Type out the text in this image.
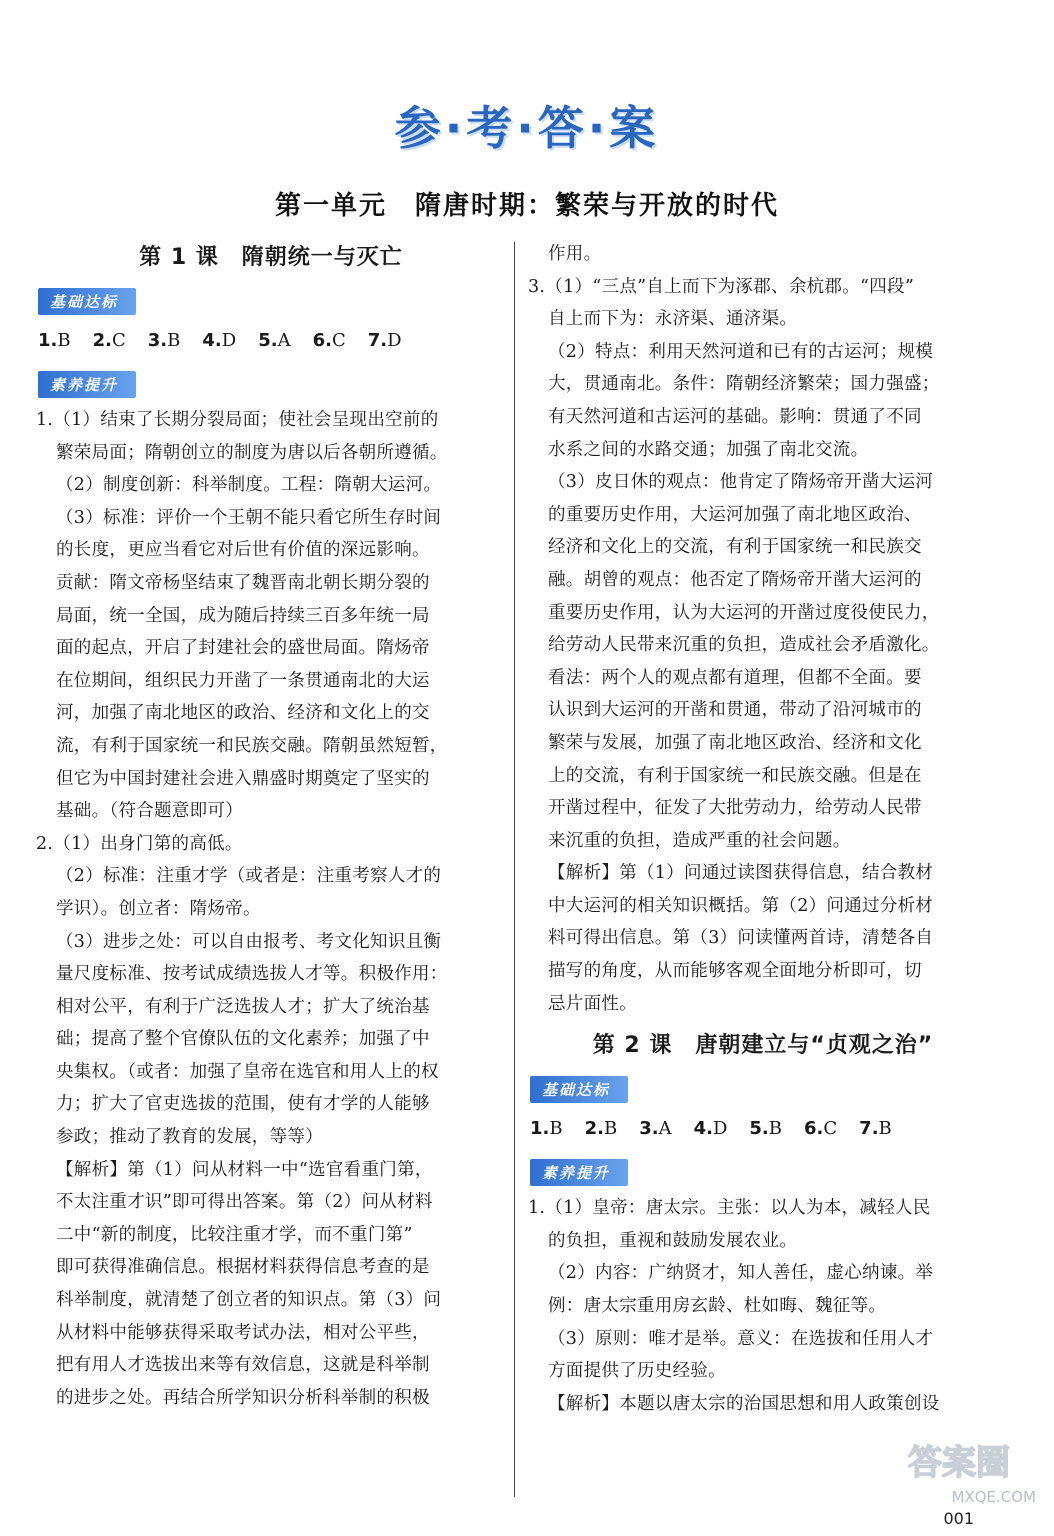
参·考·答·案
第一单元　隋唐时期：繁荣与开放的时代
第 1 课　隋朝统一与灭亡
基础达标
1.B 2.C 3.B 4.D 5.A 6.C 7.D
素养提升

1.（1）结束了长期分裂局面；使社会呈现出空前的

繁荣局面；隋朝创立的制度为唐以后各朝所遵循。

（2）制度创新：科举制度。工程：隋朝大运河。

（3）标准：评价一个王朝不能只看它所生存时间

的长度，更应当看它对后世有价值的深远影响。

贡献：隋文帝杨坚结束了魏晋南北朝长期分裂的

局面，统一全国，成为随后持续三百多年统一局

面的起点，开启了封建社会的盛世局面。隋炀帝

在位期间，组织民力开凿了一条贯通南北的大运

河，加强了南北地区的政治、经济和文化上的交

流，有利于国家统一和民族交融。隋朝虽然短暂，

但它为中国封建社会进入鼎盛时期奠定了坚实的

基础。（符合题意即可）

2.（1）出身门第的高低。

（2）标准：注重才学（或者是：注重考察人才的

学识）。创立者：隋炀帝。

（3）进步之处：可以自由报考、考文化知识且衡

量尺度标准、按考试成绩选拔人才等。积极作用：

相对公平，有利于广泛选拔人才；扩大了统治基

础；提高了整个官僚队伍的文化素养；加强了中

央集权。（或者：加强了皇帝在选官和用人上的权

力；扩大了官吏选拔的范围，使有才学的人能够

参政；推动了教育的发展，等等）

【解析】第（1）问从材料一中“选官看重门第，

不太注重才识”即可得出答案。第（2）问从材料

二中“新的制度，比较注重才学，而不重门第”

即可获得准确信息。根据材料获得信息考查的是

科举制度，就清楚了创立者的知识点。第（3）问

从材料中能够获得采取考试办法，相对公平些，

把有用人才选拔出来等有效信息，这就是科举制

的进步之处。再结合所学知识分析科举制的积极

作用。

3.（1）“三点”自上而下为涿郡、余杭郡。“四段”

自上而下为：永济渠、通济渠。

（2）特点：利用天然河道和已有的古运河；规模

大，贯通南北。条件：隋朝经济繁荣；国力强盛；

有天然河道和古运河的基础。影响：贯通了不同

水系之间的水路交通；加强了南北交流。

（3）皮日休的观点：他肯定了隋炀帝开凿大运河

的重要历史作用，大运河加强了南北地区政治、

经济和文化上的交流，有利于国家统一和民族交

融。胡曾的观点：他否定了隋炀帝开凿大运河的

重要历史作用，认为大运河的开凿过度役使民力，

给劳动人民带来沉重的负担，造成社会矛盾激化。

看法：两个人的观点都有道理，但都不全面。要

认识到大运河的开凿和贯通，带动了沿河城市的

繁荣与发展，加强了南北地区政治、经济和文化

上的交流，有利于国家统一和民族交融。但是在

开凿过程中，征发了大批劳动力，给劳动人民带

来沉重的负担，造成严重的社会问题。

【解析】第（1）问通过读图获得信息，结合教材

中大运河的相关知识概括。第（2）问通过分析材

料可得出信息。第（3）问读懂两首诗，清楚各自

描写的角度，从而能够客观全面地分析即可，切

忌片面性。

第 2 课　唐朝建立与“贞观之治”
基础达标
1.B 2.B 3.A 4.D 5.B 6.C 7.B
素养提升

1.（1）皇帝：唐太宗。主张：以人为本，减轻人民

的负担，重视和鼓励发展农业。

（2）内容：广纳贤才，知人善任，虚心纳谏。举

例：唐太宗重用房玄龄、杜如晦、魏征等。

（3）原则：唯才是举。意义：在选拔和任用人才

方面提供了历史经验。

【解析】本题以唐太宗的治国思想和用人政策创设

答案圈
MXQE.COM
001
